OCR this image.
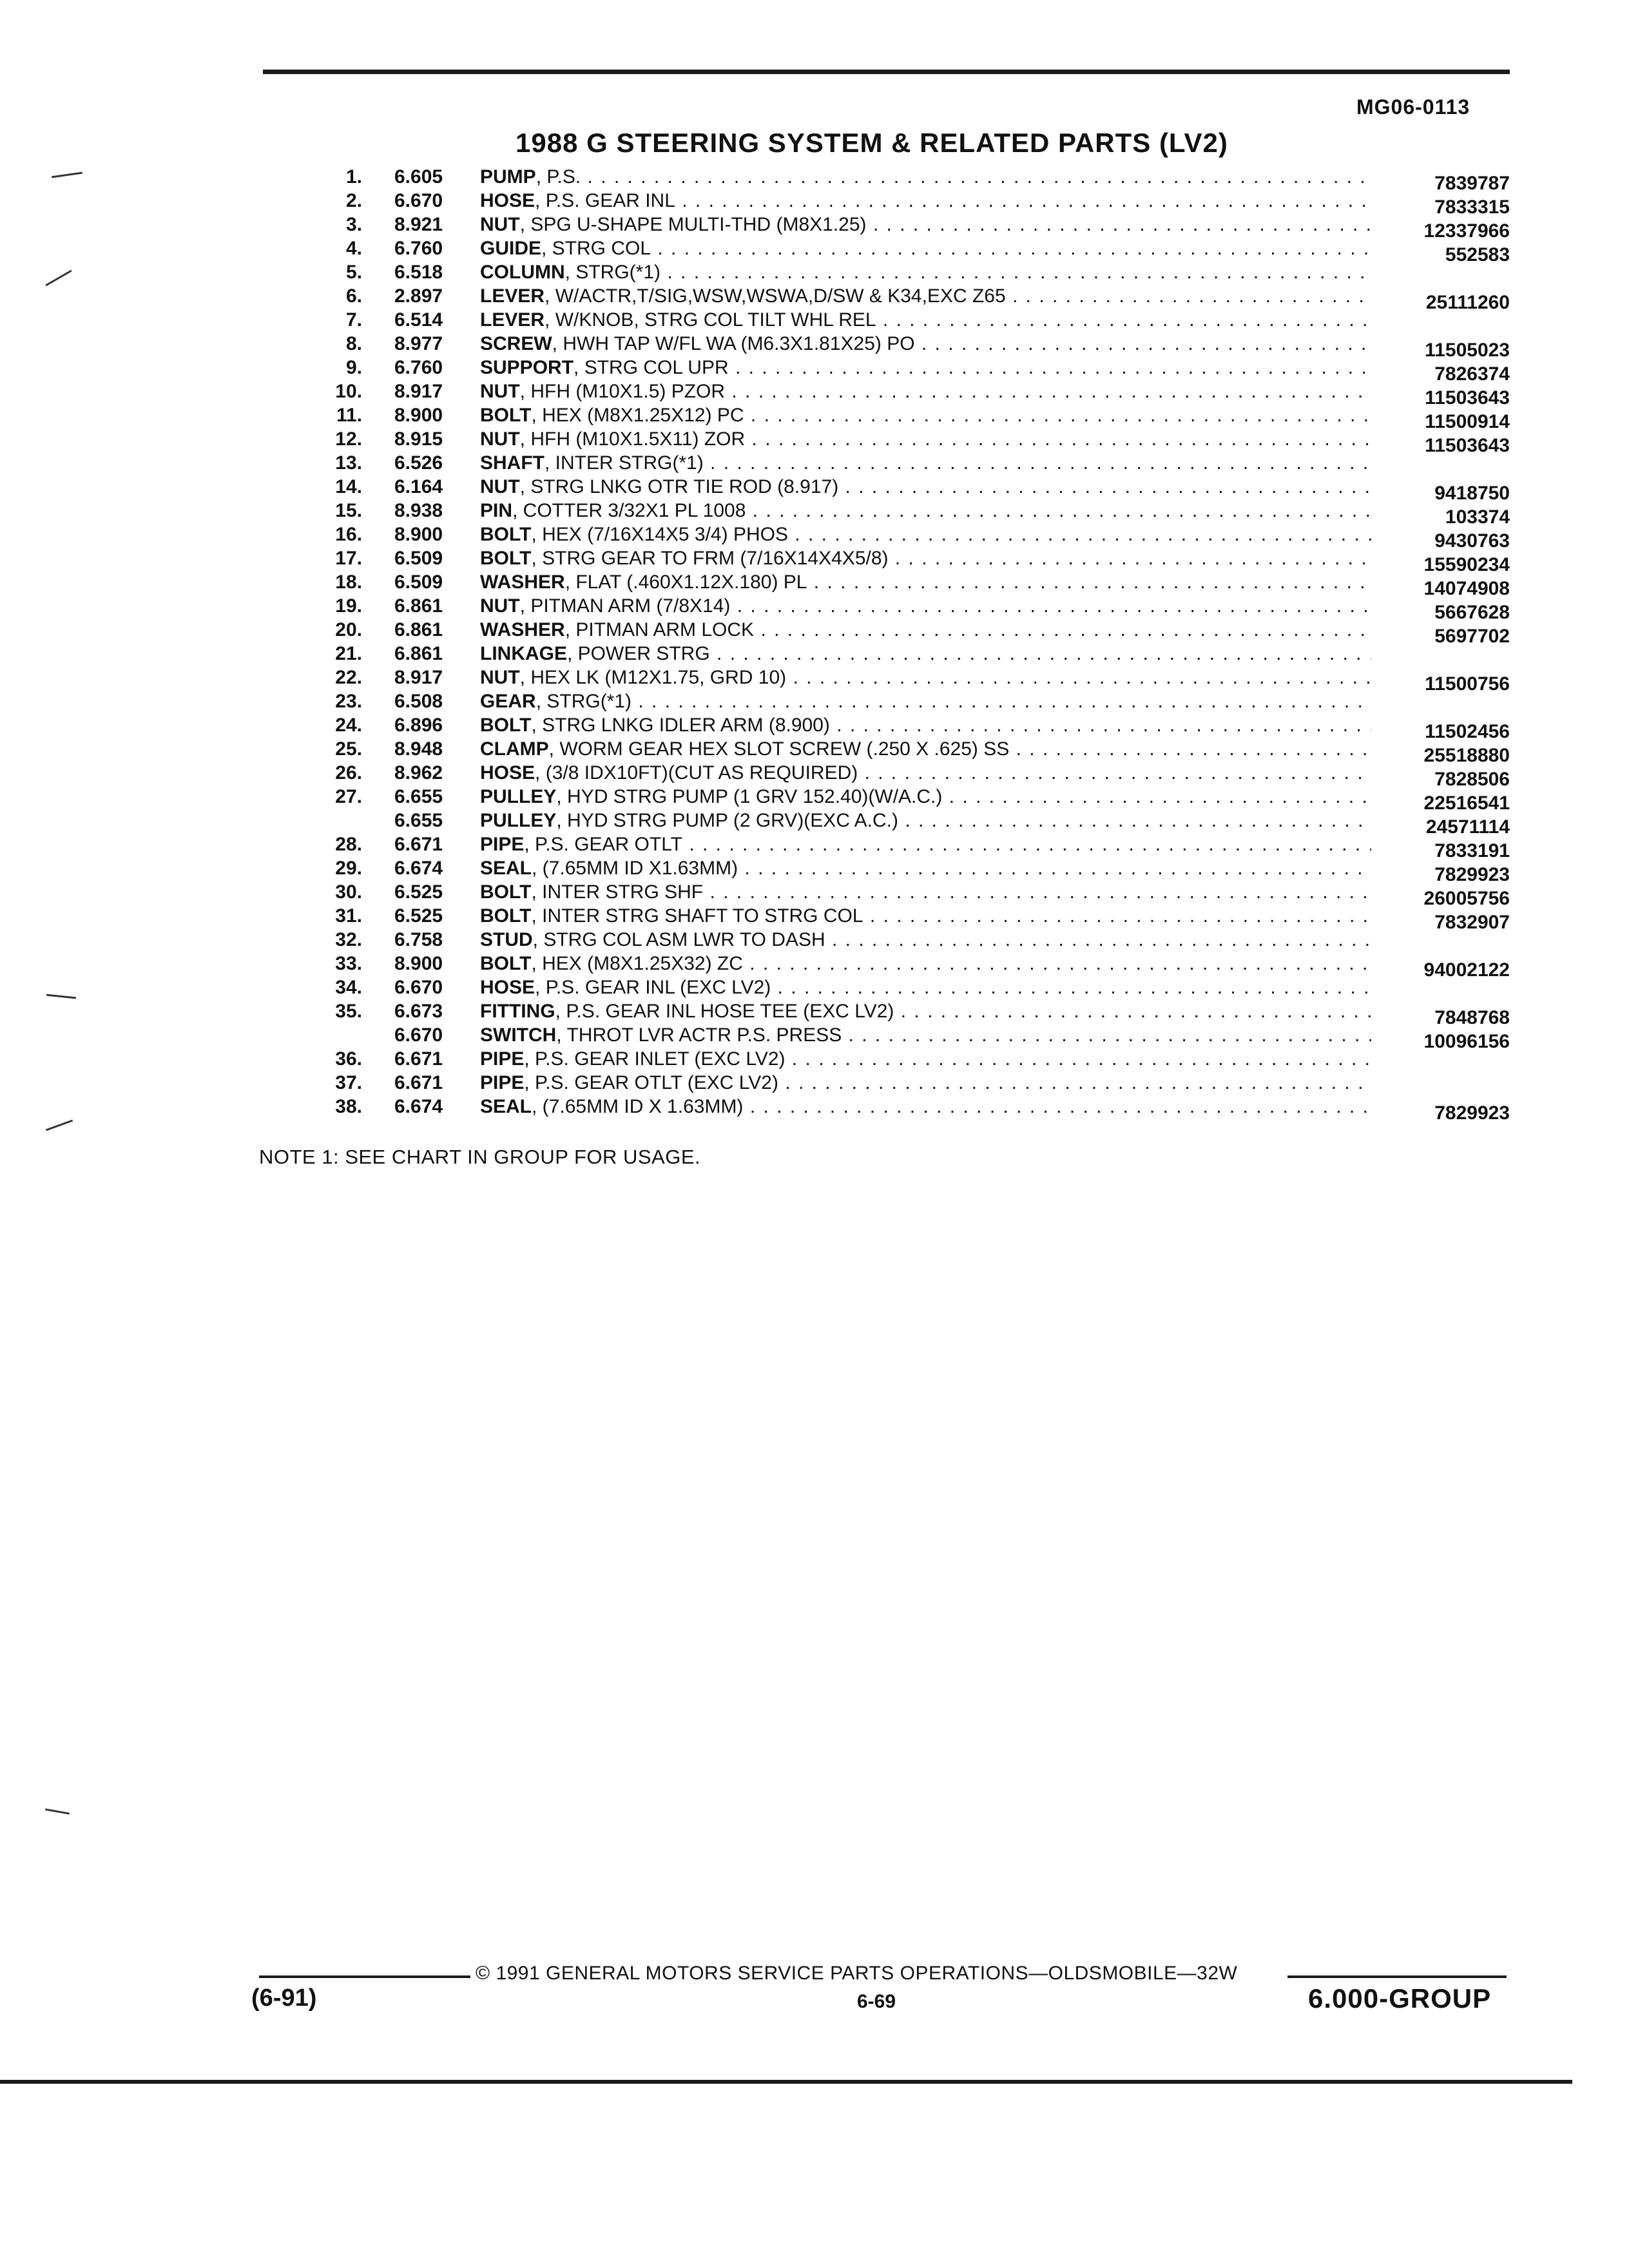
MG06-0113
1988 G STEERING SYSTEM & RELATED PARTS (LV2)
1. 6.605 PUMP, P.S. . . .	7839787
2. 6.670 HOSE, P.S. GEAR INL . . .	7833315
3. 8.921 NUT, SPG U-SHAPE MULTI-THD (M8X1.25) . . .	12337966
4. 6.760 GUIDE, STRG COL . . .	552583
5. 6.518 COLUMN, STRG(*1) . . .
6. 2.897 LEVER, W/ACTR,T/SIG,WSW,WSWA,D/SW & K34,EXC Z65 . . .	25111260
7. 6.514 LEVER, W/KNOB, STRG COL TILT WHL REL . . .
8. 8.977 SCREW, HWH TAP W/FL WA (M6.3X1.81X25) PO . . .	11505023
9. 6.760 SUPPORT, STRG COL UPR . . .	7826374
10. 8.917 NUT, HFH (M10X1.5) PZOR . . .	11503643
11. 8.900 BOLT, HEX (M8X1.25X12) PC . . .	11500914
12. 8.915 NUT, HFH (M10X1.5X11) ZOR . . .	11503643
13. 6.526 SHAFT, INTER STRG(*1) . . .
14. 6.164 NUT, STRG LNKG OTR TIE ROD (8.917) . . .	9418750
15. 8.938 PIN, COTTER 3/32X1 PL 1008 . . .	103374
16. 8.900 BOLT, HEX (7/16X14X5 3/4) PHOS . . .	9430763
17. 6.509 BOLT, STRG GEAR TO FRM (7/16X14X4X5/8) . . .	15590234
18. 6.509 WASHER, FLAT (.460X1.12X.180) PL . . .	14074908
19. 6.861 NUT, PITMAN ARM (7/8X14) . . .	5667628
20. 6.861 WASHER, PITMAN ARM LOCK . . .	5697702
21. 6.861 LINKAGE, POWER STRG . . .
22. 8.917 NUT, HEX LK (M12X1.75, GRD 10) . . .	11500756
23. 6.508 GEAR, STRG(*1) . . .
24. 6.896 BOLT, STRG LNKG IDLER ARM (8.900) . . .	11502456
25. 8.948 CLAMP, WORM GEAR HEX SLOT SCREW (.250 X .625) SS . . .	25518880
26. 8.962 HOSE, (3/8 IDX10FT)(CUT AS REQUIRED) . . .	7828506
27. 6.655 PULLEY, HYD STRG PUMP (1 GRV 152.40)(W/A.C.) . . .	22516541
6.655 PULLEY, HYD STRG PUMP (2 GRV)(EXC A.C.) . . .	24571114
28. 6.671 PIPE, P.S. GEAR OTLT . . .	7833191
29. 6.674 SEAL, (7.65MM ID X1.63MM) . . .	7829923
30. 6.525 BOLT, INTER STRG SHF . . .	26005756
31. 6.525 BOLT, INTER STRG SHAFT TO STRG COL . . .	7832907
32. 6.758 STUD, STRG COL ASM LWR TO DASH . . .
33. 8.900 BOLT, HEX (M8X1.25X32) ZC . . .	94002122
34. 6.670 HOSE, P.S. GEAR INL (EXC LV2) . . .
35. 6.673 FITTING, P.S. GEAR INL HOSE TEE (EXC LV2) . . .	7848768
6.670 SWITCH, THROT LVR ACTR P.S. PRESS . . .	10096156
36. 6.671 PIPE, P.S. GEAR INLET (EXC LV2) . . .
37. 6.671 PIPE, P.S. GEAR OTLT (EXC LV2) . . .
38. 6.674 SEAL, (7.65MM ID X 1.63MM) . . .	7829923
NOTE 1: SEE CHART IN GROUP FOR USAGE.
© 1991 GENERAL MOTORS SERVICE PARTS OPERATIONS—OLDSMOBILE—32W
(6-91)	6-69	6.000-GROUP
